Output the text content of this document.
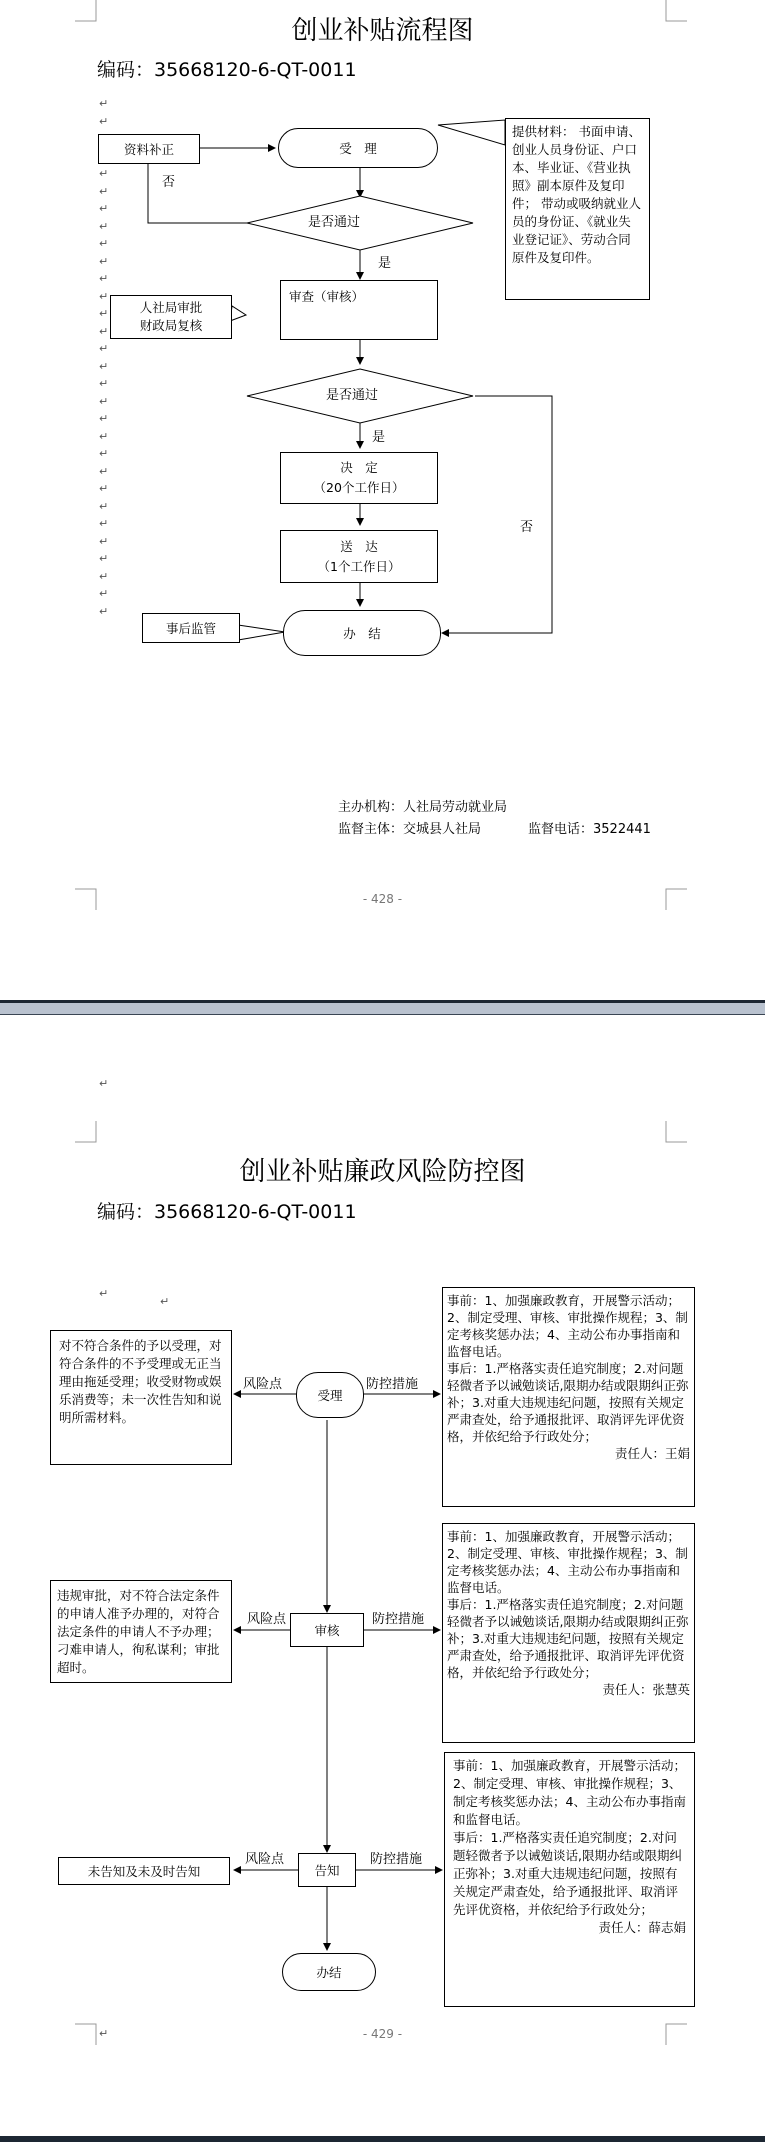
创业补贴流程图
编码：35668120-6-QT-0011
↵
↵
↵
↵
↵
↵
↵
↵
↵
↵
↵
↵
↵
↵
↵
↵
↵
↵
↵
↵
↵
↵
↵
↵
↵
↵
↵
↵
资料补正	受　理
是否通过
否
是
提供材料： 书面申请、创业人员身份证、户口本、毕业证、《营业执照》副本原件及复印件； 带动或吸纳就业人员的身份证、《就业失业登记证》、劳动合同原件及复印件。
审查（审核）
人社局审批
财政局复核
是否通过
是
否
决　定
（20个工作日）
送　达
（1个工作日）
办　结
事后监管
主办机构：人社局劳动就业局
监督主体：交城县人社局	监督电话：3522441
- 428 -
创业补贴廉政风险防控图
编码：35668120-6-QT-0011
受理
审核
告知
办结
风险点	防控措施
风险点	防控措施
风险点	防控措施
对不符合条件的予以受理，对符合条件的不予受理或无正当理由拖延受理；收受财物或娱乐消费等；未一次性告知和说明所需材料。
违规审批，对不符合法定条件的申请人准予办理的，对符合法定条件的申请人不予办理；刁难申请人，徇私谋利；审批超时。
未告知及未及时告知
事前：1、加强廉政教育，开展警示活动；2、制定受理、审核、审批操作规程；3、制定考核奖惩办法；4、主动公布办事指南和监督电话。
事后：1.严格落实责任追究制度；2.对问题轻微者予以诫勉谈话,限期办结或限期纠正弥补；3.对重大违规违纪问题，按照有关规定严肃查处，给予通报批评、取消评先评优资格，并依纪给予行政处分；
责任人：王娟
事前：1、加强廉政教育，开展警示活动；2、制定受理、审核、审批操作规程；3、制定考核奖惩办法；4、主动公布办事指南和监督电话。
事后：1.严格落实责任追究制度；2.对问题轻微者予以诫勉谈话,限期办结或限期纠正弥补；3.对重大违规违纪问题，按照有关规定严肃查处，给予通报批评、取消评先评优资格，并依纪给予行政处分；
责任人：张慧英
事前：1、加强廉政教育，开展警示活动；2、制定受理、审核、审批操作规程；3、制定考核奖惩办法；4、主动公布办事指南和监督电话。
事后：1.严格落实责任追究制度；2.对问题轻微者予以诫勉谈话,限期办结或限期纠正弥补；3.对重大违规违纪问题，按照有关规定严肃查处，给予通报批评、取消评先评优资格，并依纪给予行政处分；
责任人：薛志娟
↵
↵
↵
↵	- 429 -
